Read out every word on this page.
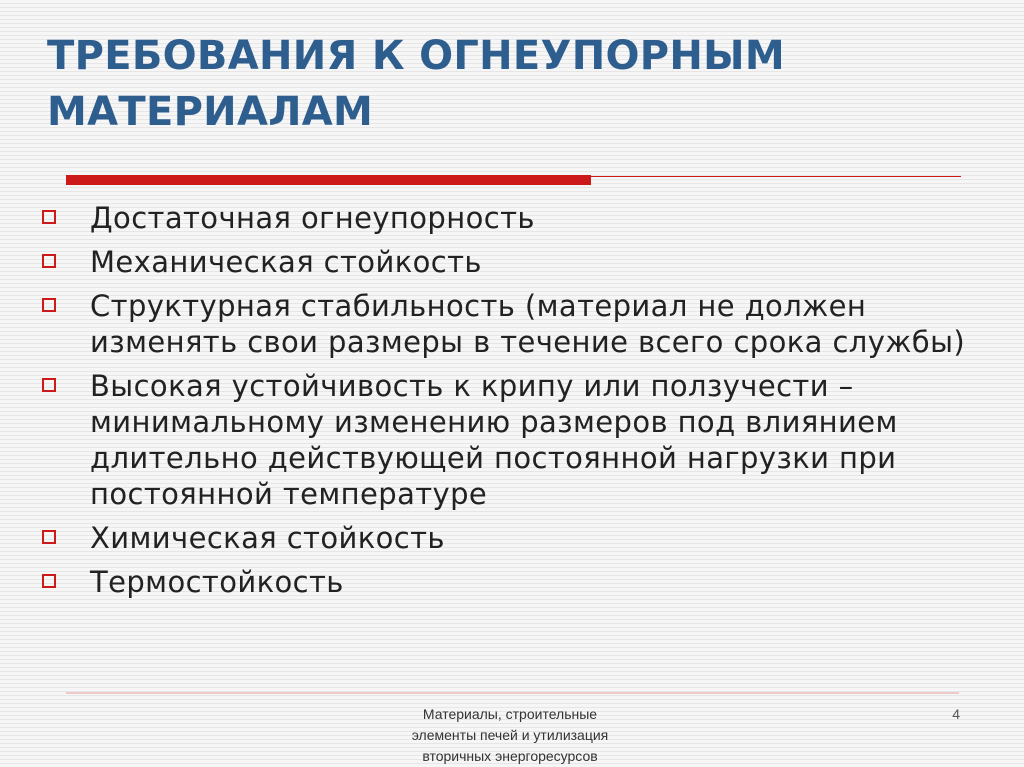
ТРЕБОВАНИЯ К ОГНЕУПОРНЫМ МАТЕРИАЛАМ
Достаточная огнеупорность
Механическая стойкость
Структурная стабильность (материал не должен изменять свои размеры в течение всего срока службы)
Высокая устойчивость к крипу или ползучести – минимальному изменению размеров под влиянием длительно действующей постоянной нагрузки при постоянной температуре
Химическая стойкость
Термостойкость
Материалы, строительные
элементы печей и утилизация
вторичных энергоресурсов
4
